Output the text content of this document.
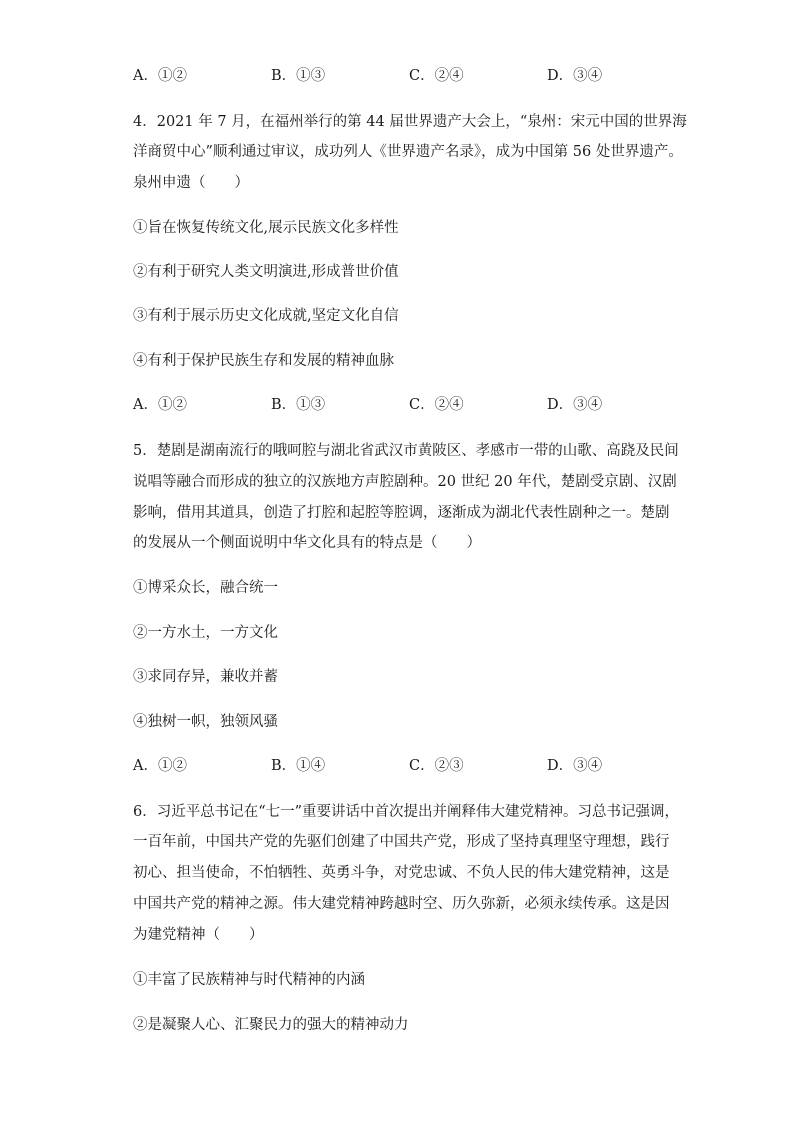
A．①②	B．①③	C．②④	D．③④
4．2021 年 7 月，在福州举行的第 44 届世界遗产大会上，“泉州：宋元中国的世界海
洋商贸中心”顺利通过审议，成功列人《世界遗产名录》，成为中国第 56 处世界遗产。
泉州申遗（　　）
①旨在恢复传统文化,展示民族文化多样性
②有利于研究人类文明演进,形成普世价值
③有利于展示历史文化成就,坚定文化自信
④有利于保护民族生存和发展的精神血脉
A．①②	B．①③	C．②④	D．③④
5．楚剧是湖南流行的哦呵腔与湖北省武汉市黄陂区、孝感市一带的山歌、高跷及民间
说唱等融合而形成的独立的汉族地方声腔剧种。20 世纪 20 年代，楚剧受京剧、汉剧
影响，借用其道具，创造了打腔和起腔等腔调，逐渐成为湖北代表性剧种之一。楚剧
的发展从一个侧面说明中华文化具有的特点是（　　）
①博采众长，融合统一
②一方水土，一方文化
③求同存异，兼收并蓄
④独树一帜，独领风骚
A．①②	B．①④	C．②③	D．③④
6．习近平总书记在“七一”重要讲话中首次提出并阐释伟大建党精神。习总书记强调，
一百年前，中国共产党的先驱们创建了中国共产党，形成了坚持真理坚守理想，践行
初心、担当使命，不怕牺牲、英勇斗争，对党忠诚、不负人民的伟大建党精神，这是
中国共产党的精神之源。伟大建党精神跨越时空、历久弥新，必须永续传承。这是因
为建党精神（　　）
①丰富了民族精神与时代精神的内涵
②是凝聚人心、汇聚民力的强大的精神动力
